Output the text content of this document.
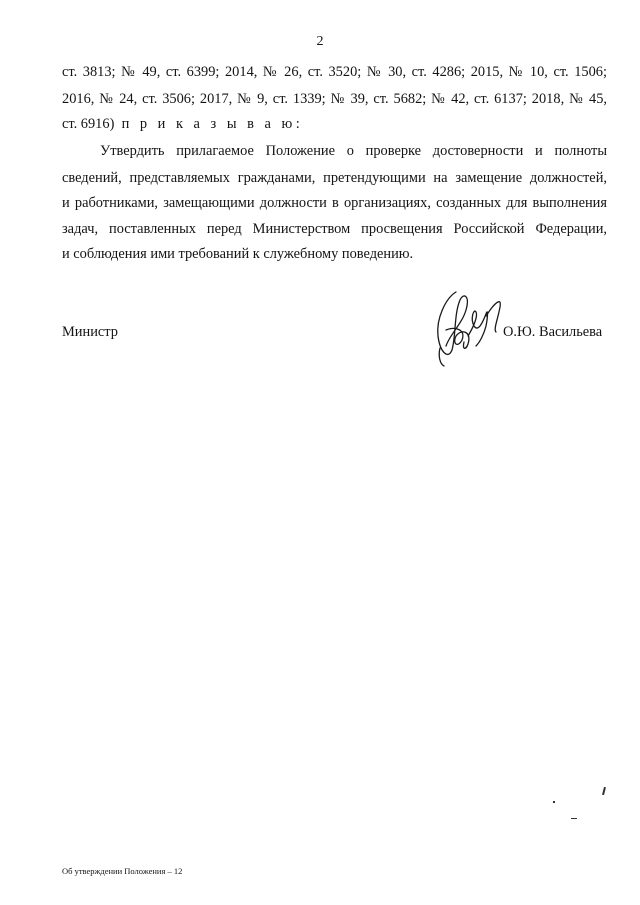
2
ст. 3813; № 49, ст. 6399; 2014, № 26, ст. 3520; № 30, ст. 4286; 2015, № 10, ст. 1506;
2016, № 24, ст. 3506; 2017, № 9, ст. 1339; № 39, ст. 5682; № 42, ст. 6137; 2018, № 45,
ст. 6916) п р и к а з ы в а ю:
Утвердить прилагаемое Положение о проверке достоверности и полноты
сведений, представляемых гражданами, претендующими на замещение должностей,
и работниками, замещающими должности в организациях, созданных для выполнения
задач, поставленных перед Министерством просвещения Российской Федерации,
и соблюдения ими требований к служебному поведению.
Министр	О.Ю. Васильева
Об утверждении Положения – 12
